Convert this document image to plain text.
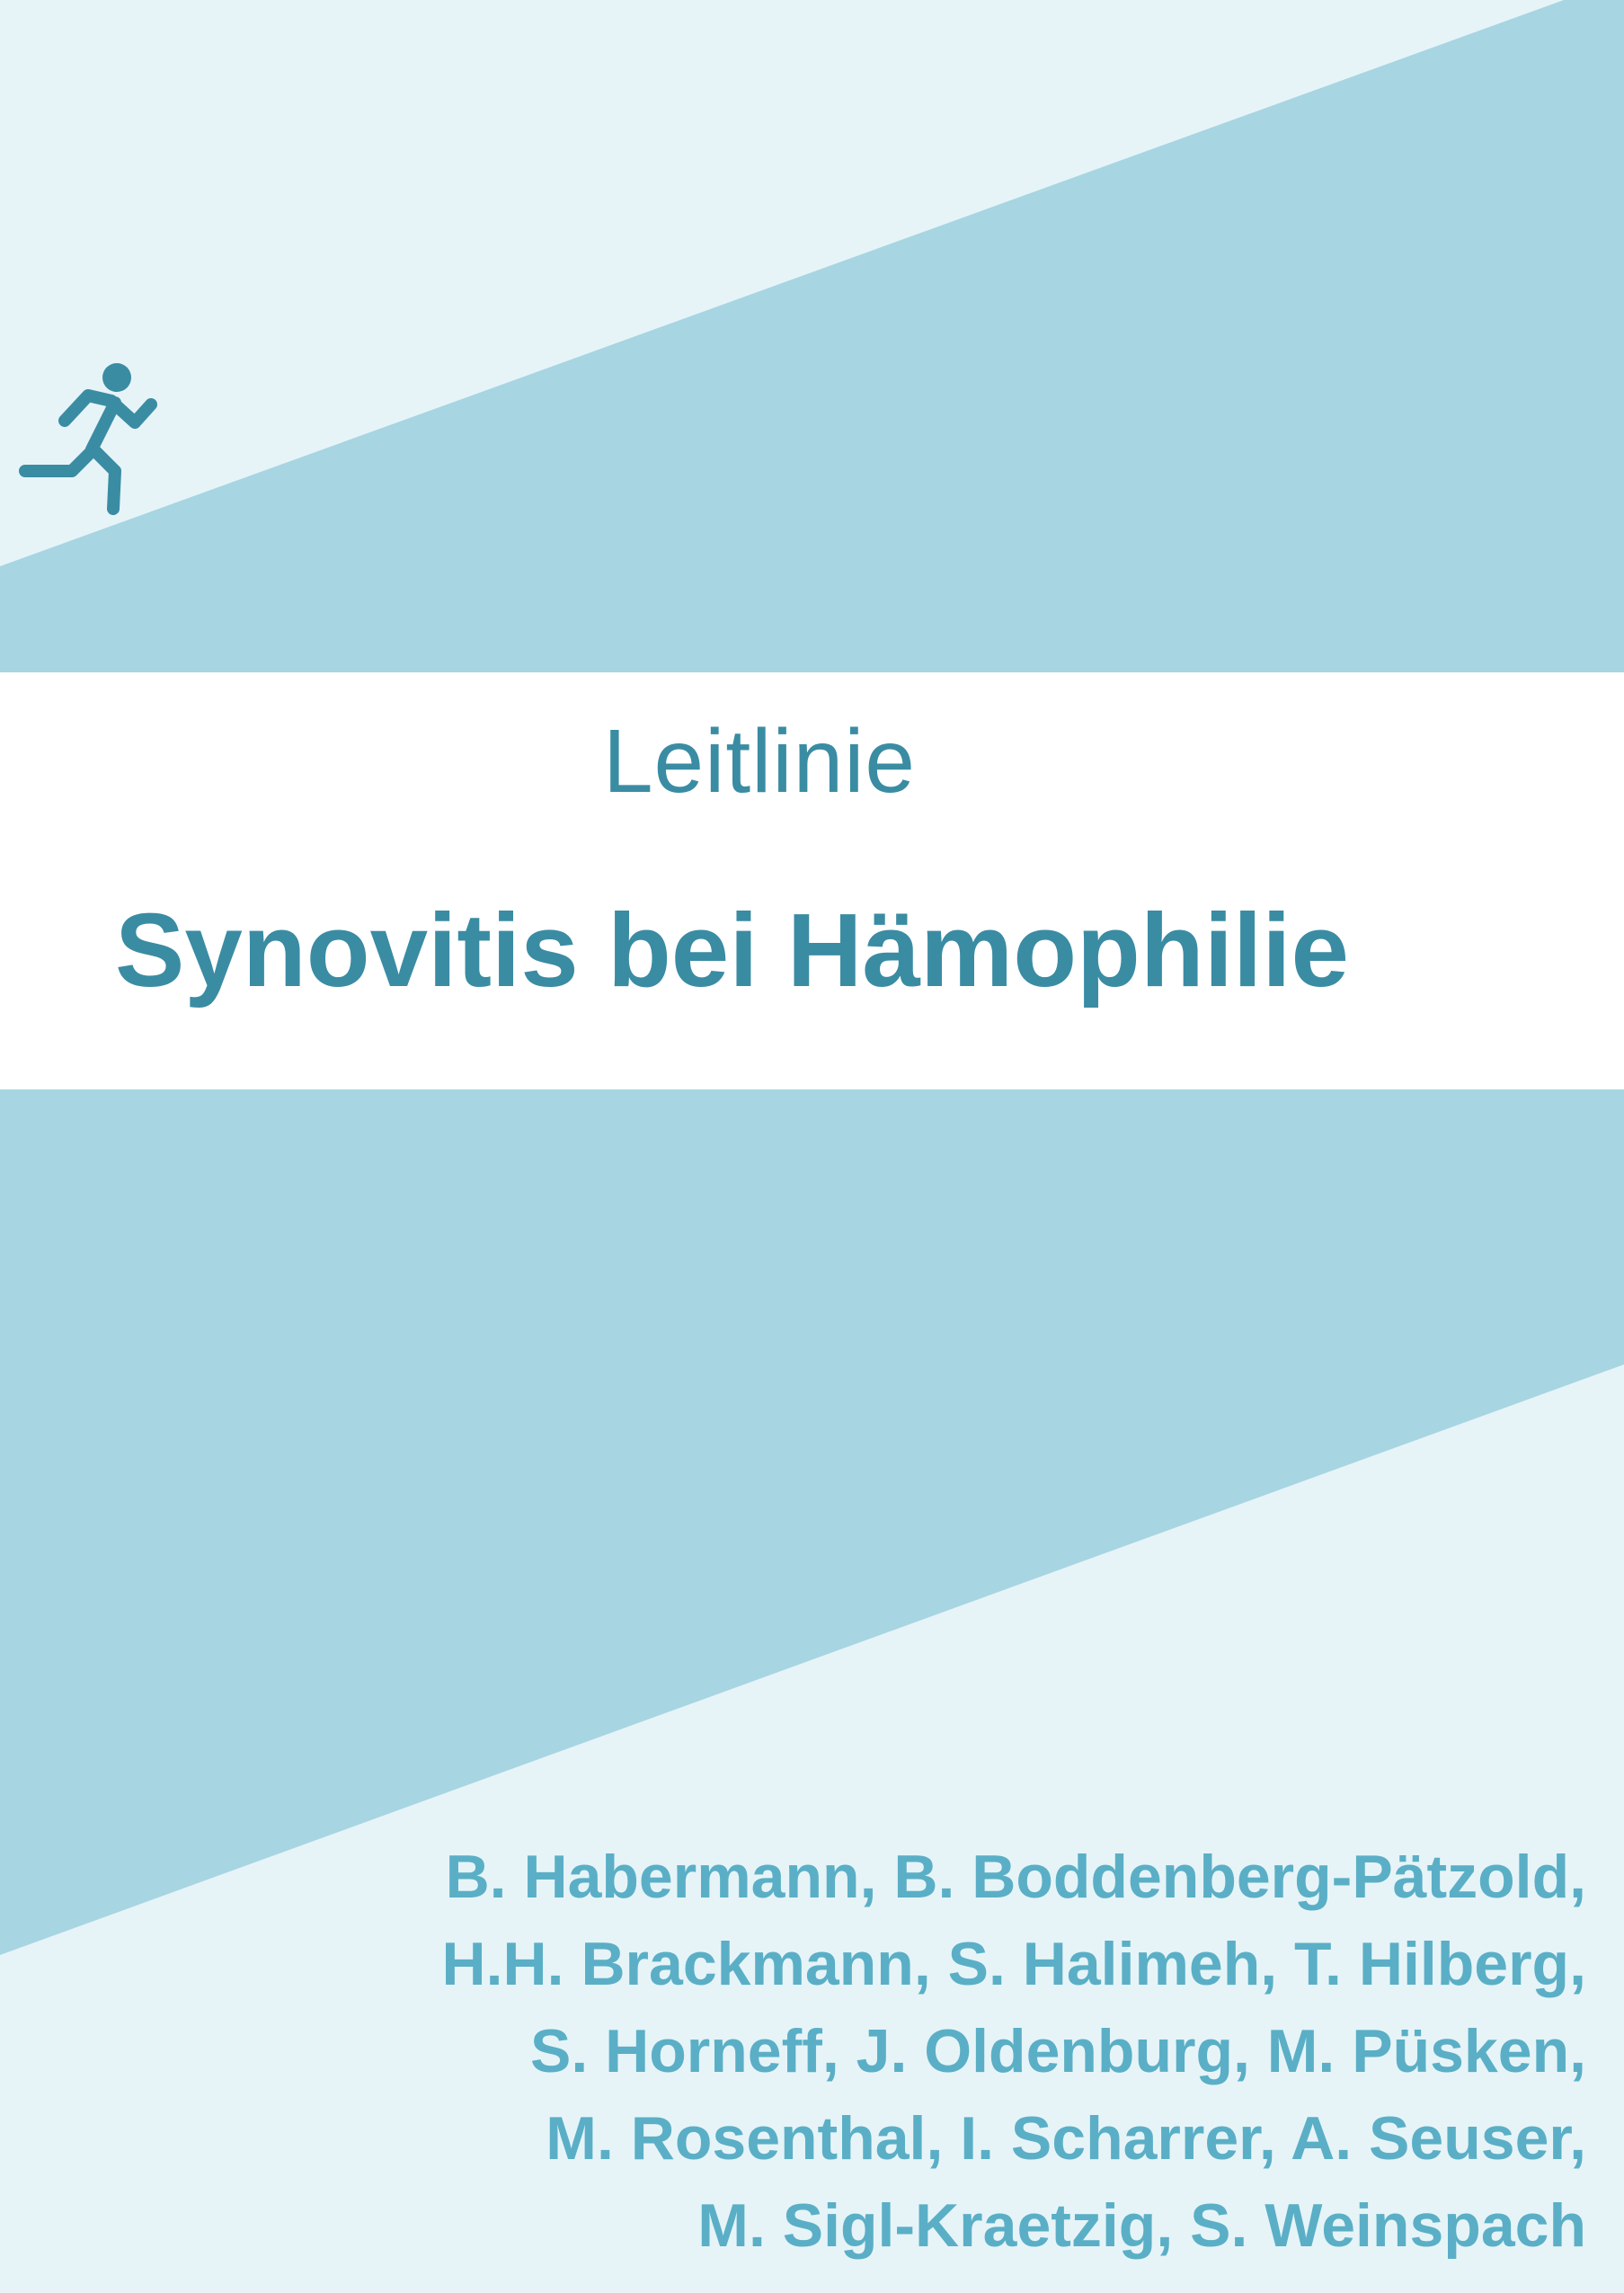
Leitlinie
Synovitis bei Hämophilie
B. Habermann, B. Boddenberg-Pätzold,
H.H. Brackmann, S. Halimeh, T. Hilberg,
S. Horneff, J. Oldenburg, M. Püsken,
M. Rosenthal, I. Scharrer, A. Seuser,
M. Sigl-Kraetzig, S. Weinspach
